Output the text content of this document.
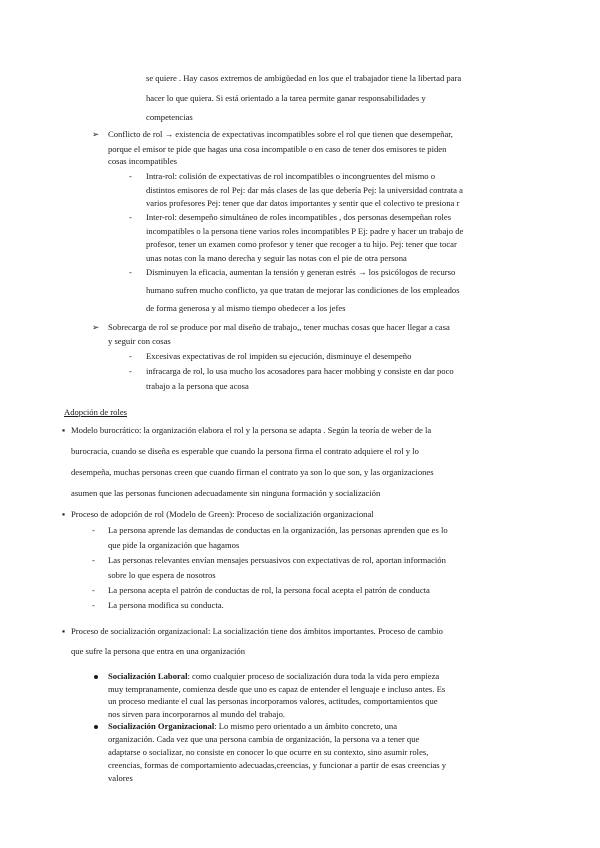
se quiere . Hay casos extremos de ambigüedad en los que el trabajador tiene la libertad para
hacer lo que quiera. Si está orientado a la tarea permite ganar responsabilidades y
competencias
➢ Conflicto de rol → existencia de expectativas incompatibles sobre el rol que tienen que desempeñar,
porque el emisor te pide que hagas una cosa incompatible o en caso de tener dos emisores te piden
cosas incompatibles
- Intra-rol: colisión de expectativas de rol incompatibles o incongruentes del mismo o
distintos emisores de rol Pej: dar más clases de las que debería Pej: la universidad contrata a
varios profesores Pej: tener que dar datos importantes y sentir que el colectivo te presiona r
- Inter-rol: desempeño simultáneo de roles incompatibles , dos personas desempeñan roles
incompatibles o la persona tiene varios roles incompatibles P Ej: padre y hacer un trabajo de
profesor, tener un examen como profesor y tener que recoger a tu hijo. Pej: tener que tocar
unas notas con la mano derecha y seguir las notas con el pie de otra persona
- Disminuyen la eficacia, aumentan la tensión y generan estrés → los psicólogos de recurso
humano sufren mucho conflicto, ya que tratan de mejorar las condiciones de los empleados
de forma generosa y al mismo tiempo obedecer a los jefes
➢ Sobrecarga de rol se produce por mal diseño de trabajo,, tener muchas cosas que hacer llegar a casa
y seguir con cosas
- Excesivas expectativas de rol impiden su ejecución, disminuye el desempeño
- infracarga de rol, lo usa mucho los acosadores para hacer mobbing y consiste en dar poco
trabajo a la persona que acosa
Adopción de roles
▪ Modelo burocrático: la organización elabora el rol y la persona se adapta . Según la teoría de weber de la
burocracia, cuando se diseña es esperable que cuando la persona firma el contrato adquiere el rol y lo
desempeña, muchas personas creen que cuando firman el contrato ya son lo que son, y las organizaciones
asumen que las personas funcionen adecuadamente sin ninguna formación y socialización
▪ Proceso de adopción de rol (Modelo de Green): Proceso de socialización organizacional
- La persona aprende las demandas de conductas en la organización, las personas aprenden que es lo
que pide la organización que hagamos
- Las personas relevantes envían mensajes persuasivos con expectativas de rol, aportan información
sobre lo que espera de nosotros
- La persona acepta el patrón de conductas de rol, la persona focal acepta el patrón de conducta
- La persona modifica su conducta.
▪ Proceso de socialización organizacional: La socialización tiene dos ámbitos importantes. Proceso de cambio
que sufre la persona que entra en una organización
Socialización Laboral: como cualquier proceso de socialización dura toda la vida pero empieza
muy tempranamente, comienza desde que uno es capaz de entender el lenguaje e incluso antes. Es
un proceso mediante el cual las personas incorporamos valores, actitudes, comportamientos que
nos sirven para incorporarnos al mundo del trabajo.
Socialización Organizacional: Lo mismo pero orientado a un ámbito concreto, una
organización. Cada vez que una persona cambia de organización, la persona va a tener que
adaptarse o socializar, no consiste en conocer lo que ocurre en su contexto, sino asumir roles,
creencias, formas de comportamiento adecuadas,creencias, y funcionar a partir de esas creencias y
valores
